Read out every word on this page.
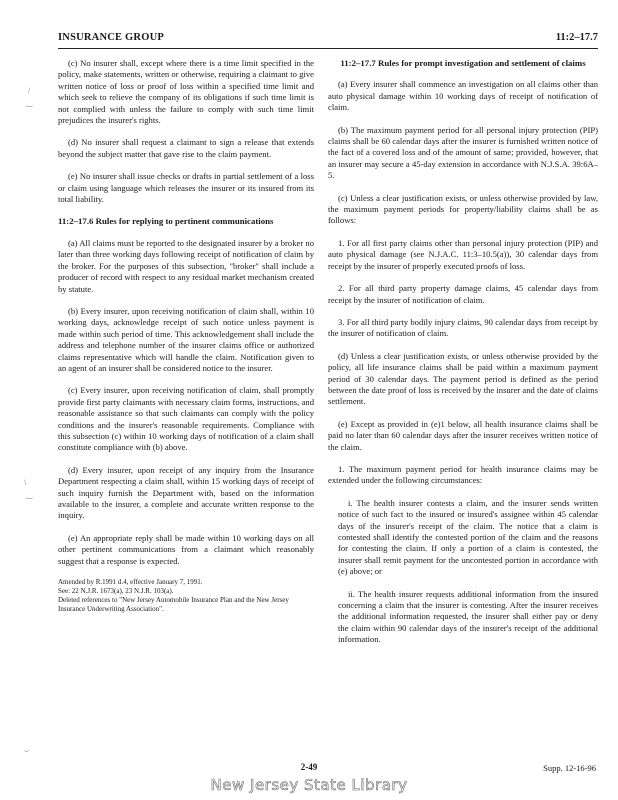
INSURANCE GROUP	11:2–17.7
/
‿
\
‿
⌣

(c) No insurer shall, except where there is a time limit specified in the policy, make statements, written or otherwise, requiring a claimant to give written notice of loss or proof of loss within a specified time limit and which seek to relieve the company of its obligations if such time limit is not complied with unless the failure to comply with such time limit prejudices the insurer's rights.

(d) No insurer shall request a claimant to sign a release that extends beyond the subject matter that gave rise to the claim payment.

(e) No insurer shall issue checks or drafts in partial settlement of a loss or claim using language which releases the insurer or its insured from its total liability.

11:2–17.6 Rules for replying to pertinent communications

(a) All claims must be reported to the designated insurer by a broker no later than three working days following receipt of notification of claim by the broker. For the purposes of this subsection, "broker" shall include a producer of record with respect to any residual market mechanism created by statute.

(b) Every insurer, upon receiving notification of claim shall, within 10 working days, acknowledge receipt of such notice unless payment is made within such period of time. This acknowledgement shall include the address and telephone number of the insurer claims office or authorized claims representative which will handle the claim. Notification given to an agent of an insurer shall be considered notice to the insurer.

(c) Every insurer, upon receiving notification of claim, shall promptly provide first party claimants with necessary claim forms, instructions, and reasonable assistance so that such claimants can comply with the policy conditions and the insurer's reasonable requirements. Compliance with this subsection (c) within 10 working days of notification of a claim shall constitute compliance with (b) above.

(d) Every insurer, upon receipt of any inquiry from the Insurance Department respecting a claim shall, within 15 working days of receipt of such inquiry furnish the Department with, based on the information available to the insurer, a complete and accurate written response to the inquiry.

(e) An appropriate reply shall be made within 10 working days on all other pertinent communications from a claimant which reasonably suggest that a response is expected.

Amended by R.1991 d.4, effective January 7, 1991.
See: 22 N.J.R. 1673(a), 23 N.J.R. 103(a).
Deleted references to "New Jersey Automobile Insurance Plan and the New Jersey Insurance Underwriting Association".
11:2–17.7 Rules for prompt investigation and settlement of claims

(a) Every insurer shall commence an investigation on all claims other than auto physical damage within 10 working days of receipt of notification of claim.

(b) The maximum payment period for all personal injury protection (PIP) claims shall be 60 calendar days after the insurer is furnished written notice of the fact of a covered loss and of the amount of same; provided, however, that an insurer may secure a 45-day extension in accordance with N.J.S.A. 39:6A–5.

(c) Unless a clear justification exists, or unless otherwise provided by law, the maximum payment periods for property/liability claims shall be as follows:

1. For all first party claims other than personal injury protection (PIP) and auto physical damage (see N.J.A.C. 11:3–10.5(a)), 30 calendar days from receipt by the insurer of properly executed proofs of loss.

2. For all third party property damage claims, 45 calendar days from receipt by the insurer of notification of claim.

3. For all third party bodily injury claims, 90 calendar days from receipt by the insurer of notification of claim.

(d) Unless a clear justification exists, or unless otherwise provided by the policy, all life insurance claims shall be paid within a maximum payment period of 30 calendar days. The payment period is defined as the period between the date proof of loss is received by the insurer and the date of claims settlement.

(e) Except as provided in (e)1 below, all health insurance claims shall be paid no later than 60 calendar days after the insurer receives written notice of the claim.

1. The maximum payment period for health insurance claims may be extended under the following circumstances:

i. The health insurer contests a claim, and the insurer sends written notice of such fact to the insured or insured's assignee within 45 calendar days of the insurer's receipt of the claim. The notice that a claim is contested shall identify the contested portion of the claim and the reasons for contesting the claim. If only a portion of a claim is contested, the insurer shall remit payment for the uncontested portion in accordance with (e) above; or

ii. The health insurer requests additional information from the insured concerning a claim that the insurer is contesting. After the insurer receives the additional information requested, the insurer shall either pay or deny the claim within 90 calendar days of the insurer's receipt of the additional information.

2-49	Supp. 12-16-96
New Jersey State Library
